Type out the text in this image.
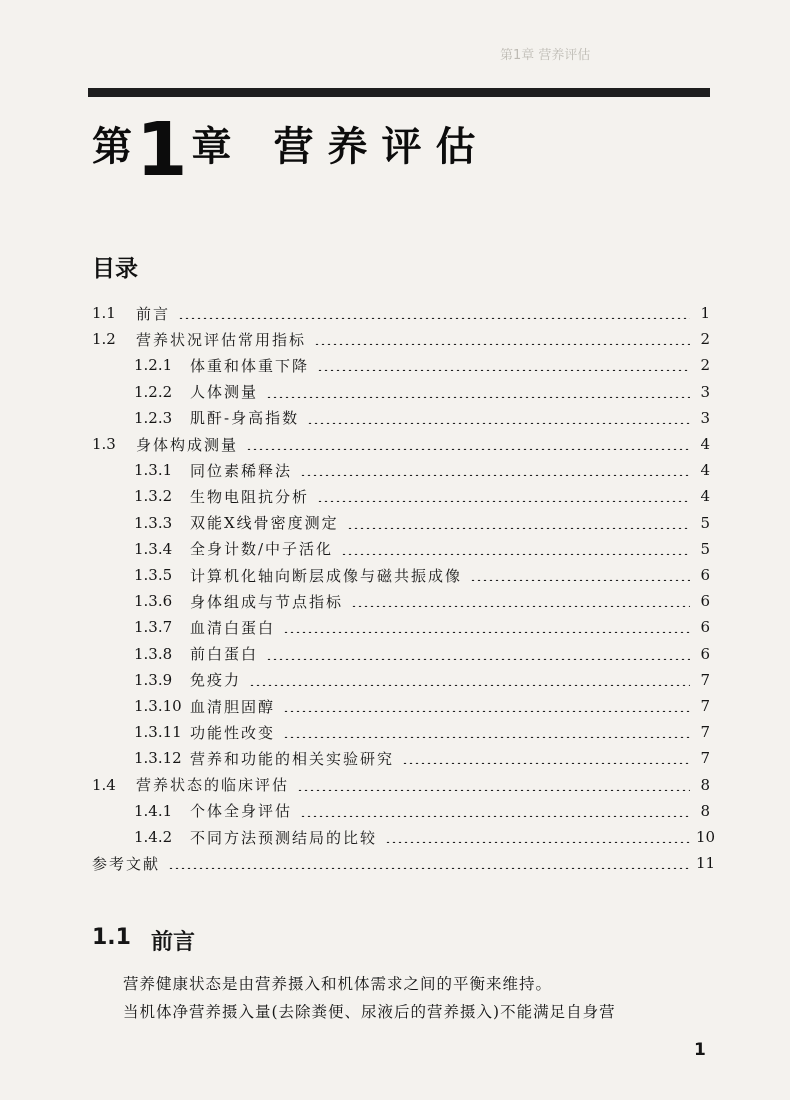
第1章 营养评估
第 1 章 营养评估
目录
1.1	前言	1
1.2	营养状况评估常用指标	2
1.2.1	体重和体重下降	2
1.2.2	人体测量	3
1.2.3	肌酐-身高指数	3
1.3	身体构成测量	4
1.3.1	同位素稀释法	4
1.3.2	生物电阻抗分析	4
1.3.3	双能X线骨密度测定	5
1.3.4	全身计数/中子活化	5
1.3.5	计算机化轴向断层成像与磁共振成像	6
1.3.6	身体组成与节点指标	6
1.3.7	血清白蛋白	6
1.3.8	前白蛋白	6
1.3.9	免疫力	7
1.3.10 血清胆固醇	7
1.3.11 功能性改变	7
1.3.12 营养和功能的相关实验研究	7
1.4	营养状态的临床评估	8
1.4.1	个体全身评估	8
1.4.2	不同方法预测结局的比较	10
参考文献	11
1.1 前言
营养健康状态是由营养摄入和机体需求之间的平衡来维持。
当机体净营养摄入量(去除粪便、尿液后的营养摄入)不能满足自身营
1
